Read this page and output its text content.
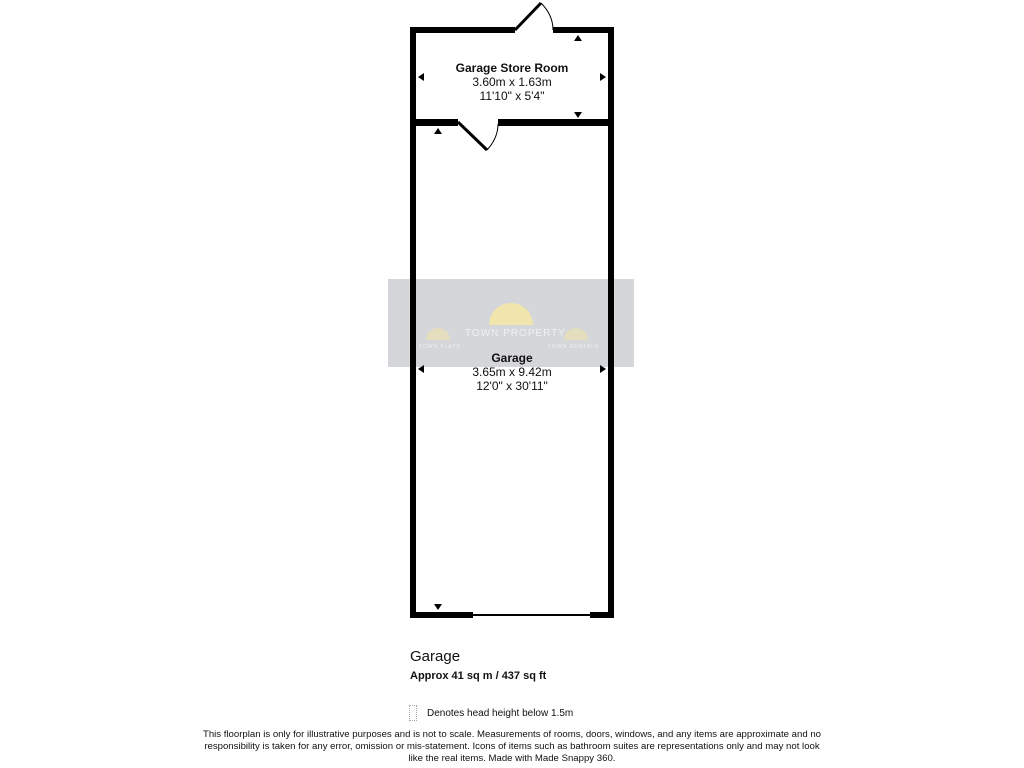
TOWN PROPERTY
TOWN FLATS	TOWN RENTALS
Garage Store Room
3.60m x 1.63m
11'10" x 5'4"
Garage
3.65m x 9.42m
12'0" x 30'11"
Garage
Approx 41 sq m / 437 sq ft
Denotes head height below 1.5m
This floorplan is only for illustrative purposes and is not to scale. Measurements of rooms, doors, windows, and any items are approximate and no responsibility is taken for any error, omission or mis-statement. Icons of items such as bathroom suites are representations only and may not look like the real items. Made with Made Snappy 360.
